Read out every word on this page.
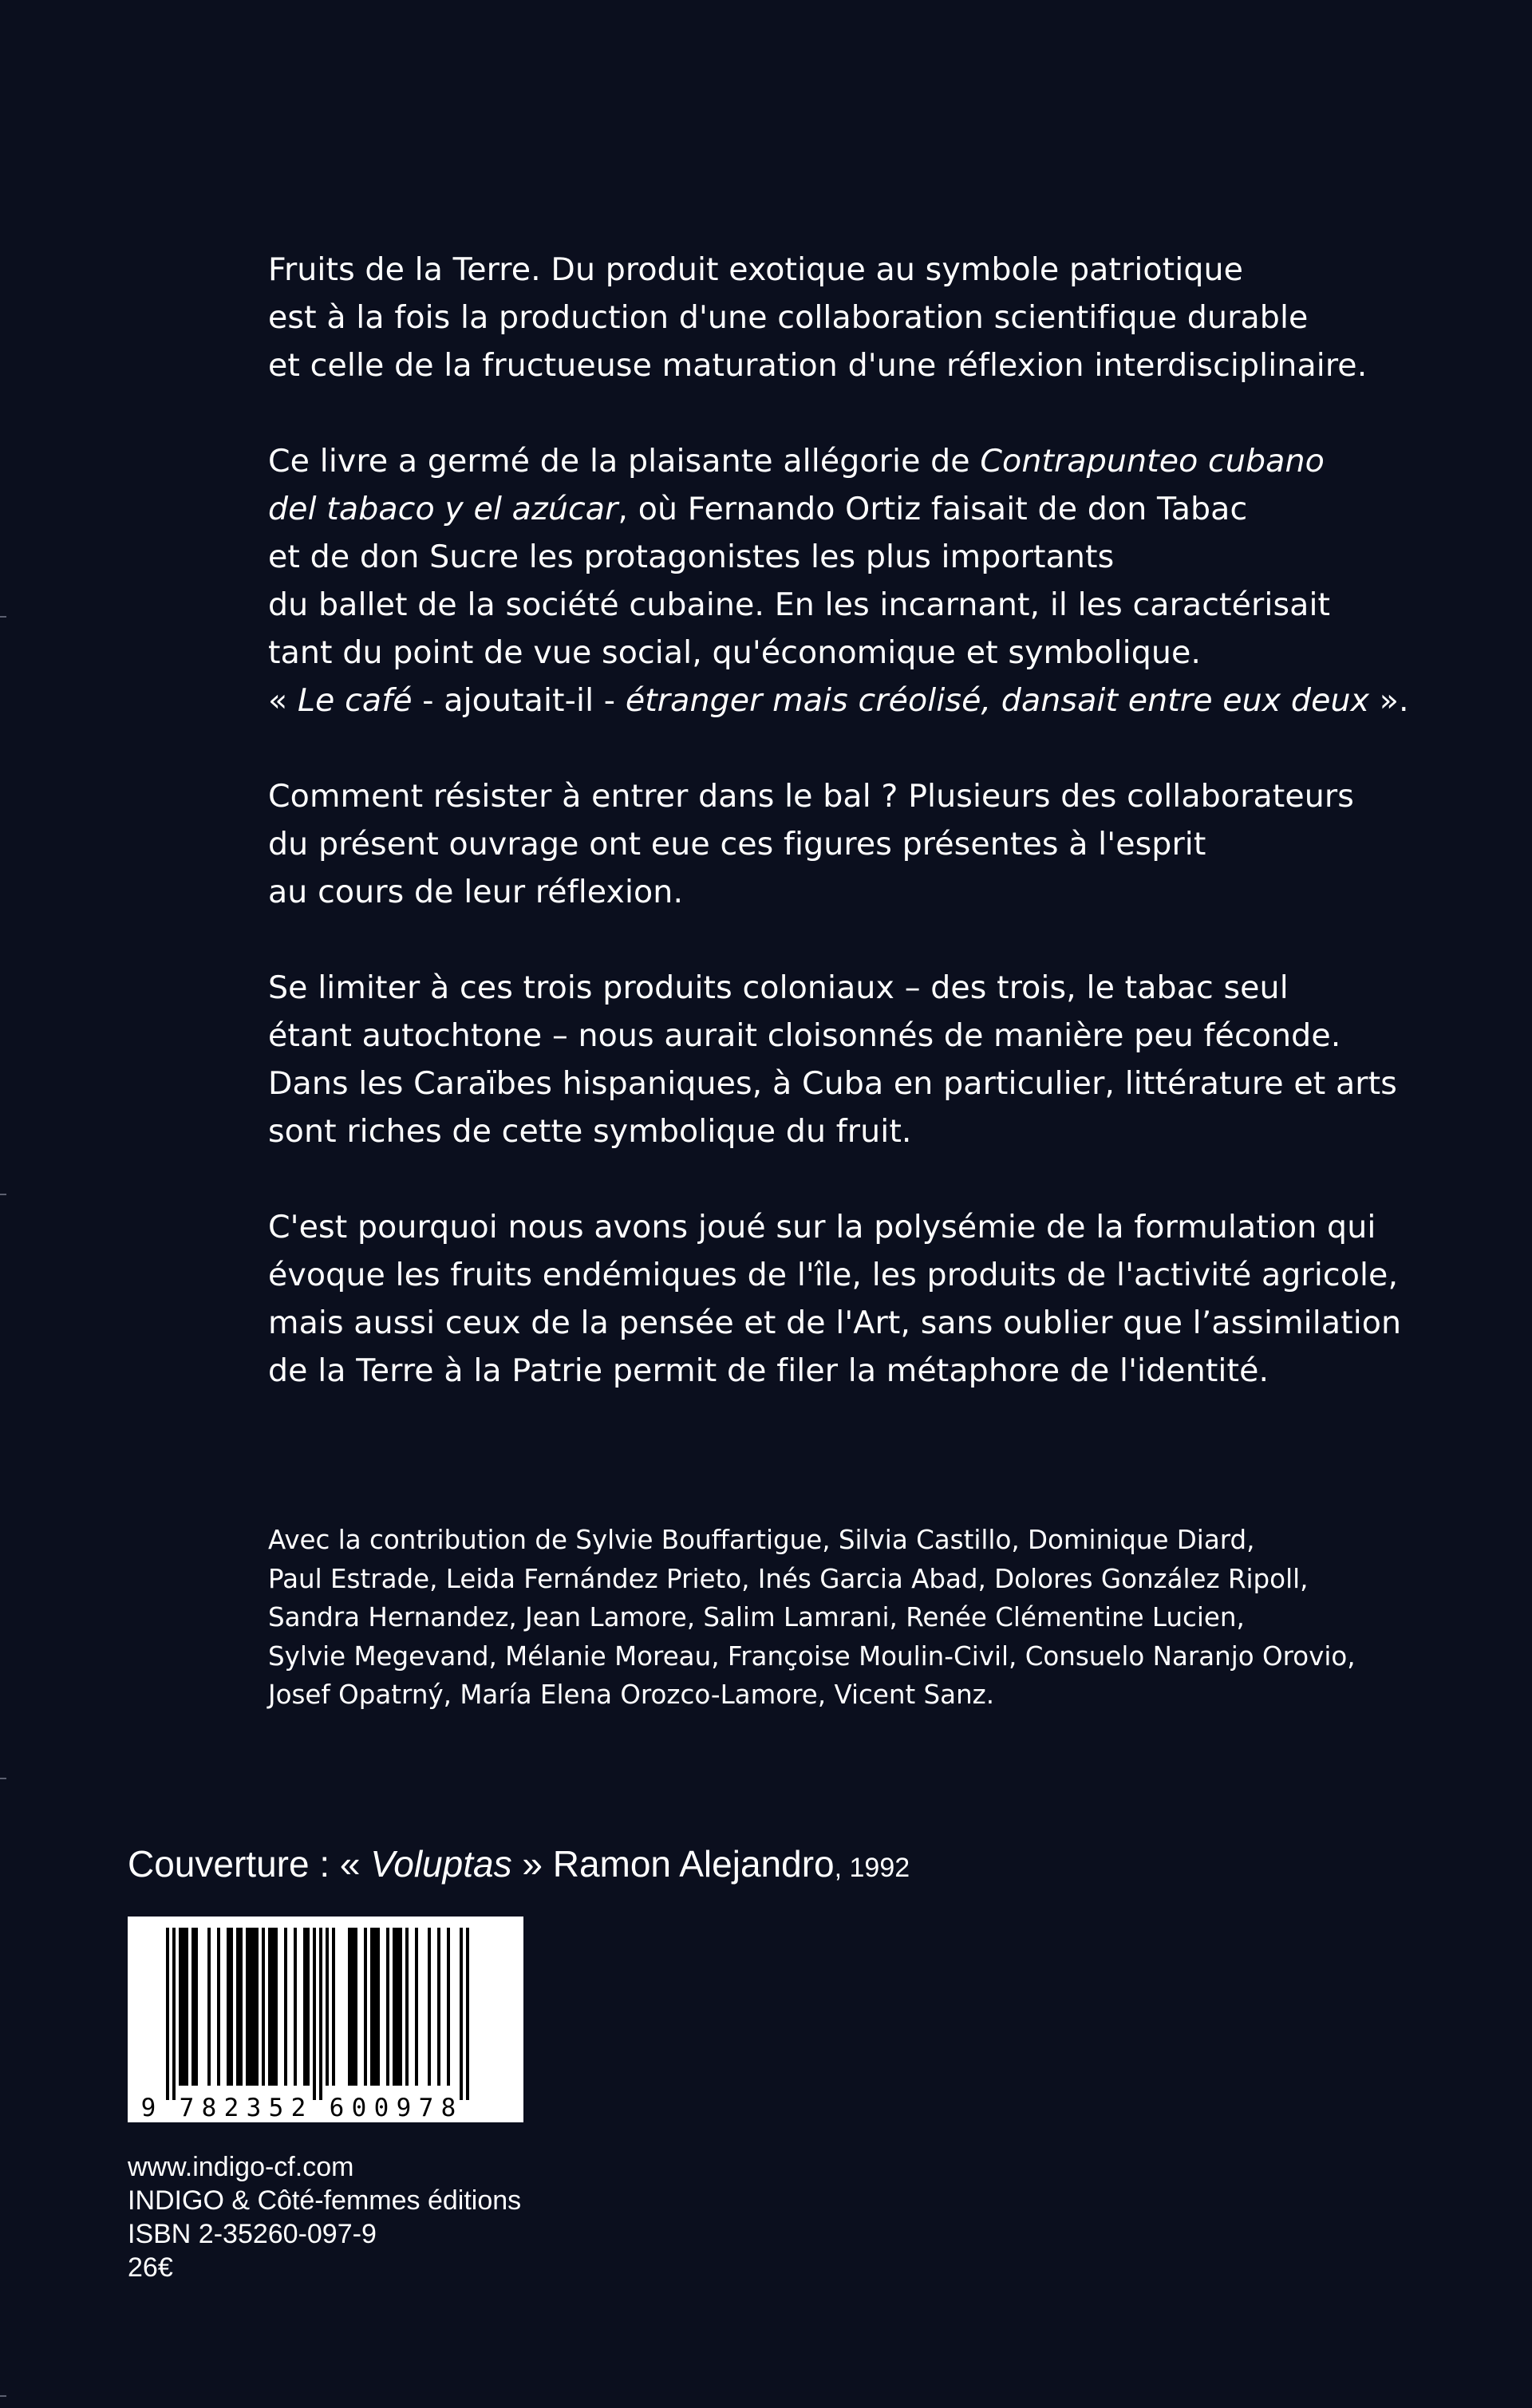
Fruits de la Terre. Du produit exotique au symbole patriotique
est à la fois la production d'une collaboration scientifique durable
et celle de la fructueuse maturation d'une réflexion interdisciplinaire.

Ce livre a germé de la plaisante allégorie de Contrapunteo cubano
del tabaco y el azúcar, où Fernando Ortiz faisait de don Tabac
et de don Sucre les protagonistes les plus importants
du ballet de la société cubaine. En les incarnant, il les caractérisait
tant du point de vue social, qu'économique et symbolique.
« Le café - ajoutait-il - étranger mais créolisé, dansait entre eux deux ».

Comment résister à entrer dans le bal ? Plusieurs des collaborateurs
du présent ouvrage ont eue ces figures présentes à l'esprit
au cours de leur réflexion.

Se limiter à ces trois produits coloniaux – des trois, le tabac seul
étant autochtone – nous aurait cloisonnés de manière peu féconde.
Dans les Caraïbes hispaniques, à Cuba en particulier, littérature et arts
sont riches de cette symbolique du fruit.

C'est pourquoi nous avons joué sur la polysémie de la formulation qui
évoque les fruits endémiques de l'île, les produits de l'activité agricole,
mais aussi ceux de la pensée et de l'Art, sans oublier que l’assimilation
de la Terre à la Patrie permit de filer la métaphore de l'identité.

Avec la contribution de Sylvie Bouffartigue, Silvia Castillo, Dominique Diard,
Paul Estrade, Leida Fernández Prieto, Inés Garcia Abad, Dolores González Ripoll,
Sandra Hernandez, Jean Lamore, Salim Lamrani, Renée Clémentine Lucien,
Sylvie Megevand, Mélanie Moreau, Françoise Moulin-Civil, Consuelo Naranjo Orovio,
Josef Opatrný, María Elena Orozco-Lamore, Vicent Sanz.
Couverture : « Voluptas » Ramon Alejandro, 1992
9 7 8 2 3 5 2 6 0 0 9 7 8
www.indigo-cf.com
INDIGO & Côté-femmes éditions
ISBN 2-35260-097-9
26€
